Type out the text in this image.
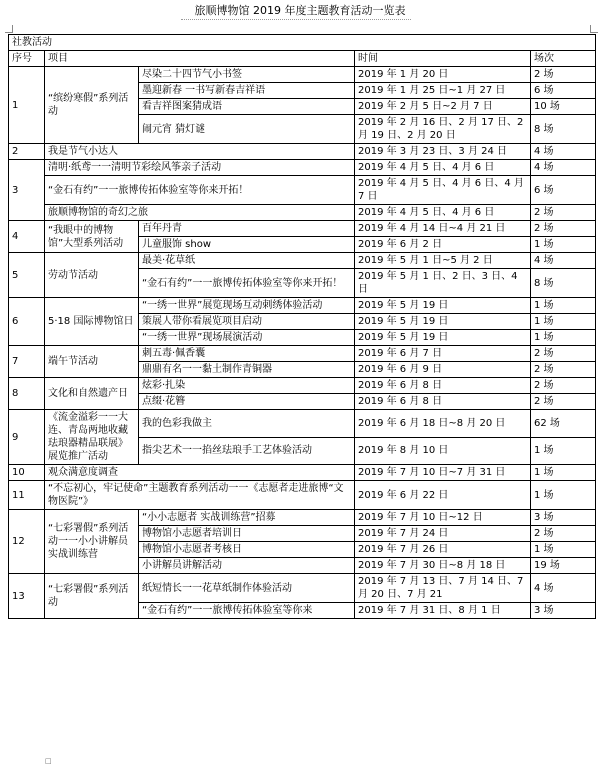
旅顺博物馆 2019 年度主题教育活动一览表
社教活动				
序号	项目		时间	场次
1	“缤纷寒假”系列活动	尽染二十四节气小书签	2019 年 1 月 20 日	2 场
		墨迎新春 一书写新春吉祥语	2019 年 1 月 25 日~1 月 27 日	6 场
		看吉祥图案猜成语	2019 年 2 月 5 日~2 月 7 日	10 场
		闹元宵 猜灯谜	2019 年 2 月 16 日、2 月 17 日、2 月 19 日、2 月 20 日	8 场
2	我是节气小达人		2019 年 3 月 23 日、3 月 24 日	4 场
3	清明·纸鸢一一清明节彩绘风筝亲子活动		2019 年 4 月 5 日、4 月 6 日	4 场
	“金石有约”一一旅博传拓体验室等你来开拓！		2019 年 4 月 5 日、4 月 6 日、4 月 7 日	6 场
	旅顺博物馆的奇幻之旅		2019 年 4 月 5 日、4 月 6 日	2 场
4	“我眼中的博物馆”大型系列活动	百年丹青	2019 年 4 月 14 日~4 月 21 日	2 场
		儿童服饰 show	2019 年 6 月 2 日	1 场
5	劳动节活动	最美·花草纸	2019 年 5 月 1 日~5 月 2 日	4 场
		“金石有约”一一旅博传拓体验室等你来开拓！	2019 年 5 月 1 日、2 日、3 日、4 日	8 场
6	5·18 国际博物馆日	“一绣一世界”展览现场互动刺绣体验活动	2019 年 5 月 19 日	1 场
		策展人带你看展览项目启动	2019 年 5 月 19 日	1 场
		“一绣一世界”现场展演活动	2019 年 5 月 19 日	1 场
7	端午节活动	刺五毒·佩香囊	2019 年 6 月 7 日	2 场
		鼎鼎有名一一黏土制作青铜器	2019 年 6 月 9 日	2 场
8	文化和自然遗产日	炫彩·扎染	2019 年 6 月 8 日	2 场
		点缀·花簪	2019 年 6 月 8 日	2 场
9	《流金溢彩一一大连、青岛两地收藏珐琅器精品联展》展览推广活动	我的色彩我做主	2019 年 6 月 18 日~8 月 20 日	62 场
		指尖艺术一一掐丝珐琅手工艺体验活动	2019 年 8 月 10 日	1 场
10	观众满意度调查		2019 年 7 月 10 日~7 月 31 日	1 场
11	“不忘初心，牢记使命”主题教育系列活动一一《志愿者走进旅博“文物医院”》		2019 年 6 月 22 日	1 场
12	“七彩署假”系列活动一一小小讲解员 实战训练营	“小小志愿者 实战训练营”招募	2019 年 7 月 10 日~12 日	3 场
		博物馆小志愿者培训日	2019 年 7 月 24 日	2 场
		博物馆小志愿者考核日	2019 年 7 月 26 日	1 场
		小讲解员讲解活动	2019 年 7 月 30 日~8 月 18 日	19 场
13	“七彩署假”系列活动	纸短情长一一花草纸制作体验活动	2019 年 7 月 13 日、7 月 14 日、7 月 20 日、7 月 21	4 场
		“金石有约”一一旅博传拓体验室等你来	2019 年 7 月 31 日、8 月 1 日	3 场
□
